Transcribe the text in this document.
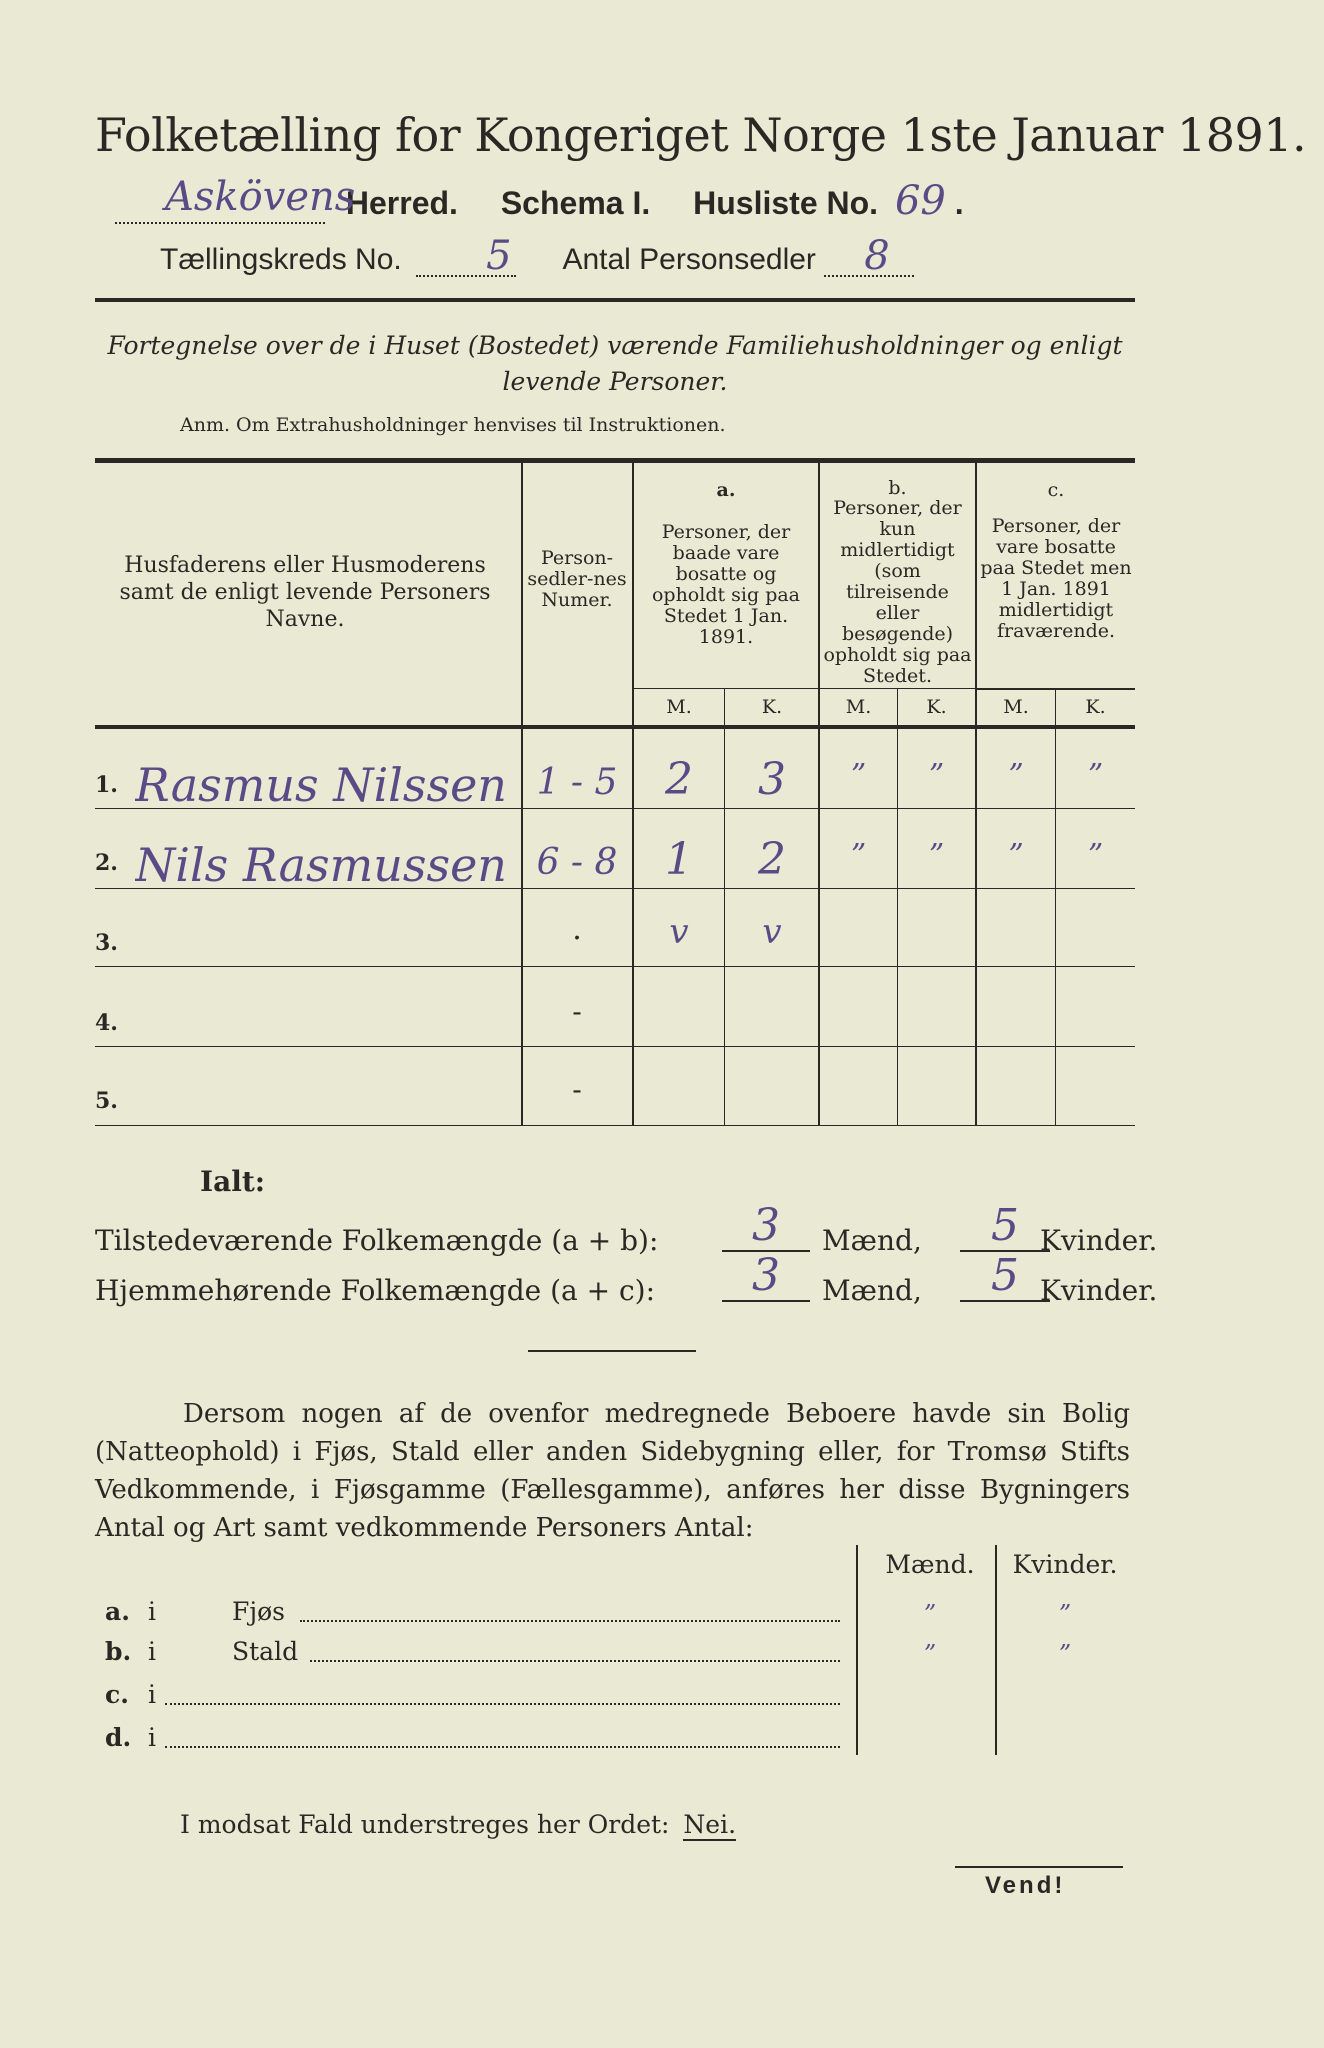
Folketælling for Kongeriget Norge 1ste Januar 1891.
Askövens
Herred. Schema I. Husliste No. 69 .
Tællingskreds No. 5 Antal Personsedler 8
Fortegnelse over de i Huset (Bostedet) værende Familiehusholdninger og enligt levende Personer.
Anm. Om Extrahusholdninger henvises til Instruktionen.
Husfaderens eller Husmoderens samt de enligt levende Personers Navne.
Person-sedler-nes Numer.
a.
Personer, der baade vare bosatte og opholdt sig paa Stedet 1 Jan. 1891.
b.
Personer, der kun midlertidigt (som tilreisende eller besøgende) opholdt sig paa Stedet.
c.
Personer, der vare bosatte paa Stedet men 1 Jan. 1891 midlertidigt fraværende.
M.	K.	M.	K.	M.	K.
1. Rasmus Nilssen 1 - 5	2	3	”	”	”	”
2. Nils Rasmussen 6 - 8	1	2	”	”	”	”
3.	.	v	v
4.	-
5.	-
Ialt:
Tilstedeværende Folkemængde (a + b):	3	Mænd,	5 Kvinder.
Hjemmehørende Folkemængde (a + c):	3	Mænd,	5 Kvinder.
Dersom nogen af de ovenfor medregnede Beboere havde sin Bolig (Natteophold) i Fjøs, Stald eller anden Sidebygning eller, for Tromsø Stifts Vedkommende, i Fjøsgamme (Fællesgamme), anføres her disse Bygningers Antal og Art samt vedkommende Personers Antal:
Mænd.	Kvinder.
a. i	Fjøs	”	”
b. i	Stald	”	”
c. i
d. i
I modsat Fald understreges her Ordet: Nei.
Vend!
